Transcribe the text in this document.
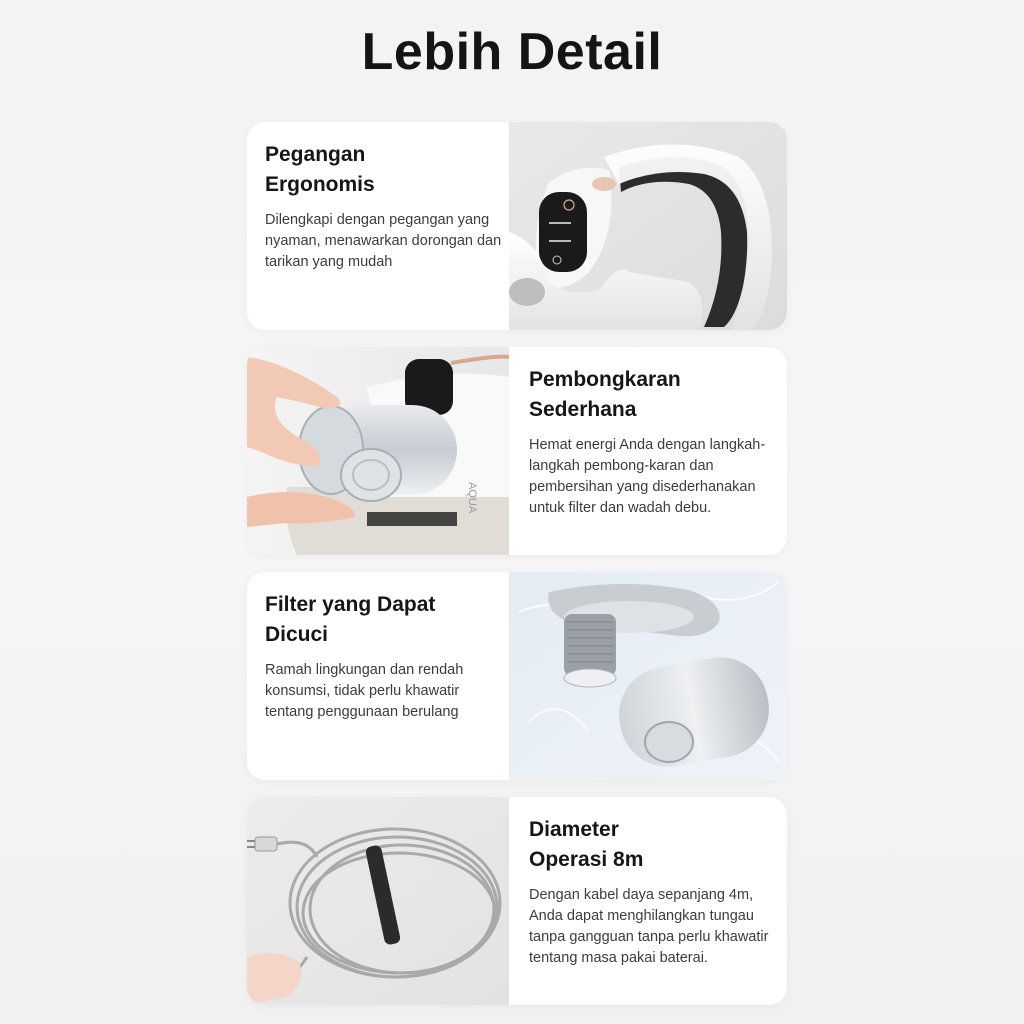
Lebih Detail
Pegangan
Ergonomis

Dilengkapi dengan pegangan yang nyaman, menawarkan dorongan dan tarikan yang mudah

AQUA
Pembongkaran
Sederhana

Hemat energi Anda dengan langkah-langkah pembong-karan dan pembersihan yang disederhanakan untuk filter dan wadah debu.

Filter yang Dapat
Dicuci

Ramah lingkungan dan rendah konsumsi, tidak perlu khawatir tentang penggunaan berulang

Diameter
Operasi 8m

Dengan kabel daya sepanjang 4m, Anda dapat menghilangkan tungau tanpa gangguan tanpa perlu khawatir tentang masa pakai baterai.
